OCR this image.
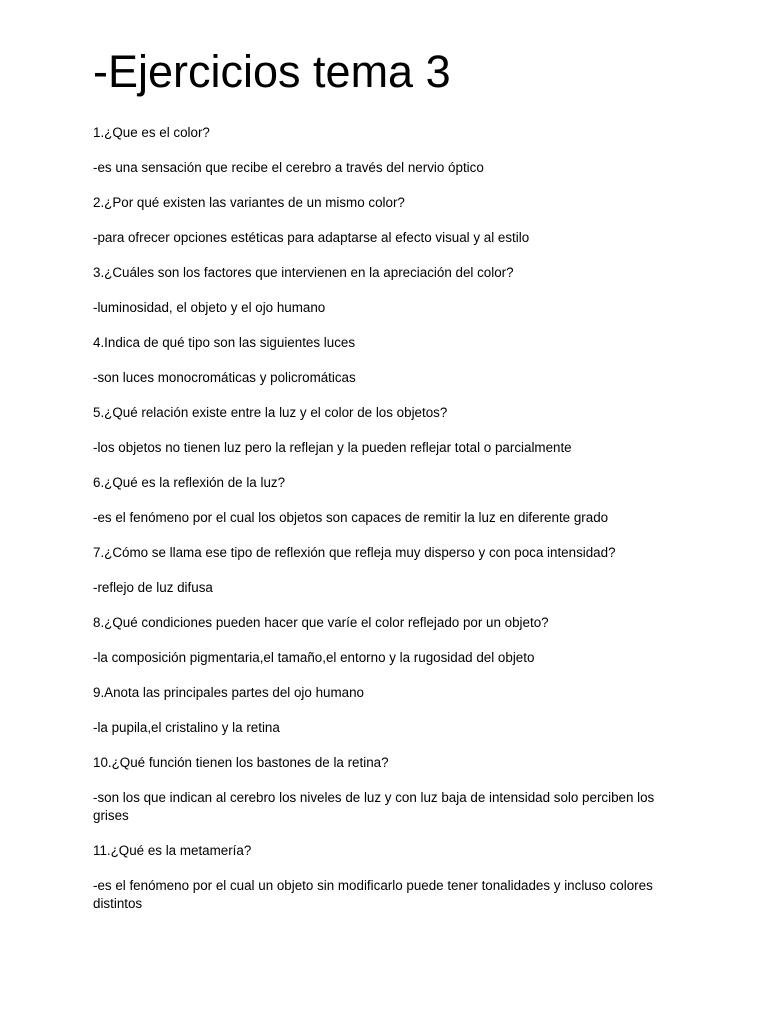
-Ejercicios tema 3

1.¿Que es el color?

-es una sensación que recibe el cerebro a través del nervio óptico

2.¿Por qué existen las variantes de un mismo color?

-para ofrecer opciones estéticas para adaptarse al efecto visual y al estilo

3.¿Cuáles son los factores que intervienen en la apreciación del color?

-luminosidad, el objeto y el ojo humano

4.Indica de qué tipo son las siguientes luces

-son luces monocromáticas y policromáticas

5.¿Qué relación existe entre la luz y el color de los objetos?

-los objetos no tienen luz pero la reflejan y la pueden reflejar total o parcialmente

6.¿Qué es la reflexión de la luz?

-es el fenómeno por el cual los objetos son capaces de remitir la luz en diferente grado

7.¿Cómo se llama ese tipo de reflexión que refleja muy disperso y con poca intensidad?

-reflejo de luz difusa

8.¿Qué condiciones pueden hacer que varíe el color reflejado por un objeto?

-la composición pigmentaria,el tamaño,el entorno y la rugosidad del objeto

9.Anota las principales partes del ojo humano

-la pupila,el cristalino y la retina

10.¿Qué función tienen los bastones de la retina?

-son los que indican al cerebro los niveles de luz y con luz baja de intensidad solo perciben los grises

11.¿Qué es la metamería?

-es el fenómeno por el cual un objeto sin modificarlo puede tener tonalidades y incluso colores distintos
